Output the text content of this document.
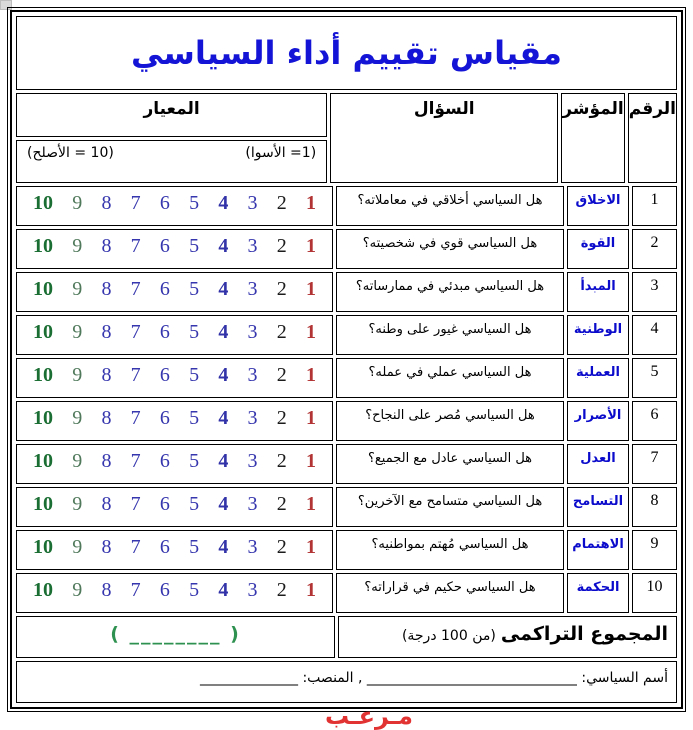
مقياس تقييم أداء السياسي
الرقم
المؤشر
السؤال
المعيار
(1= الأسوا)
(10 = الأصلح)
1
الاخلاق
هل السياسي أخلاقي في معاملاته؟
10 9 8 7 6 5 4 3 2 1
2
القوة
هل السياسي قوي في شخصيته؟
10 9 8 7 6 5 4 3 2 1
3
المبدأ
هل السياسي مبدئي في ممارساته؟
10 9 8 7 6 5 4 3 2 1
4
الوطنية
هل السياسي غيور على وطنه؟
10 9 8 7 6 5 4 3 2 1
5
العملية
هل السياسي عملي في عمله؟
10 9 8 7 6 5 4 3 2 1
6
الأصرار
هل السياسي مُصر على النجاح؟
10 9 8 7 6 5 4 3 2 1
7
العدل
هل السياسي عادل مع الجميع؟
10 9 8 7 6 5 4 3 2 1
8
التسامح
هل السياسي متسامح مع الآخرين؟
10 9 8 7 6 5 4 3 2 1
9
الاهتمام
هل السياسي مُهتم بمواطنيه؟
10 9 8 7 6 5 4 3 2 1
10
الحكمة
هل السياسي حكيم في قراراته؟
10 9 8 7 6 5 4 3 2 1
المجموع التراكمى (من 100 درجة)
( ________ )
أسم السياسي: ______________________________ , المنصب: ______________
مـرعـب
